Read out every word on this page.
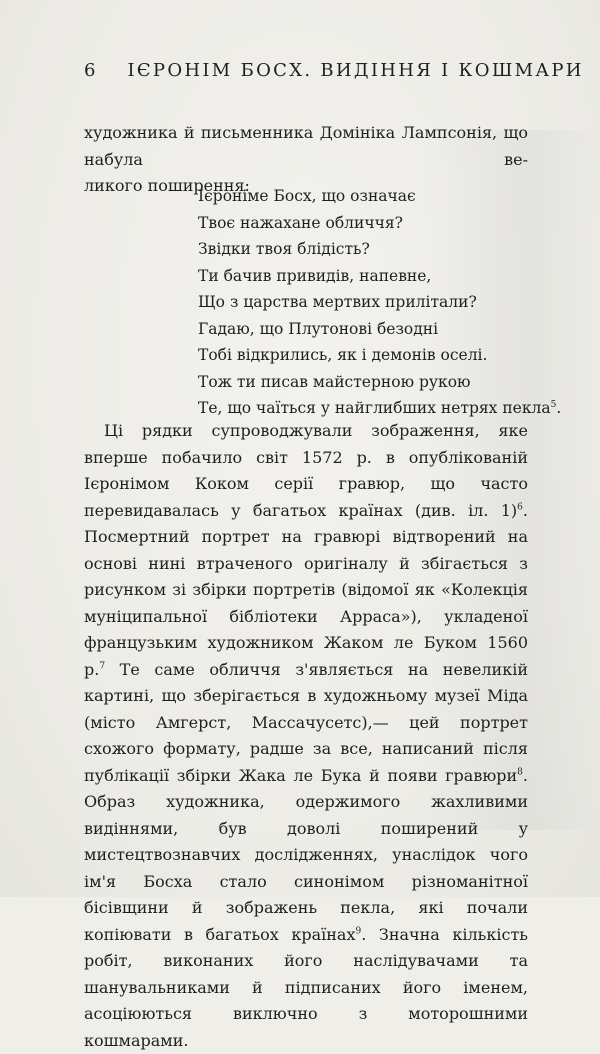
6 ІЄРОНІМ БОСХ. ВИДІННЯ І КОШМАРИ
художника й письменника Домініка Лампсонія, що набула ве-
ликого поширення:
Ієроніме Босх, що означає
Твоє нажахане обличчя?
Звідки твоя блідість?
Ти бачив привидів, напевне,
Що з царства мертвих прилітали?
Гадаю, що Плутонові безодні
Тобі відкрились, як і демонів оселі.
Тож ти писав майстерною рукою
Те, що чаїться у найглибших нетрях пекла$^5$.

Ці рядки супроводжували зображення, яке вперше побачило світ 1572 р. в опублікованій Ієронімом Коком серії гравюр, що часто перевидавалась у багатьох країнах (див. іл. 1)$^6$. Посмертний портрет на гравюрі відтворений на основі нині втраченого оригіналу й збігається з рисунком зі збірки портретів (відомої як «Колекція муніципальної бібліотеки Арраса»), укладеної французьким художником Жаком ле Буком 1560 р.$^7$ Те саме обличчя з'являється на невеликій картині, що зберігається в художньому музеї Міда (місто Амгерст, Массачусетс),— цей портрет схожого формату, радше за все, написаний після публікації збірки Жака ле Бука й появи гравюри$^8$. Образ художника, одержимого жахливими видіннями, був доволі поширений у мистецтвознавчих дослідженнях, унаслідок чого ім'я Босха стало синонімом різноманітної бісівщини й зображень пекла, які почали копіювати в багатьох країнах$^9$. Значна кількість робіт, виконаних його наслідувачами та шанувальниками й підписаних його іменем, асоціюються виключно з моторошними кошмарами.
